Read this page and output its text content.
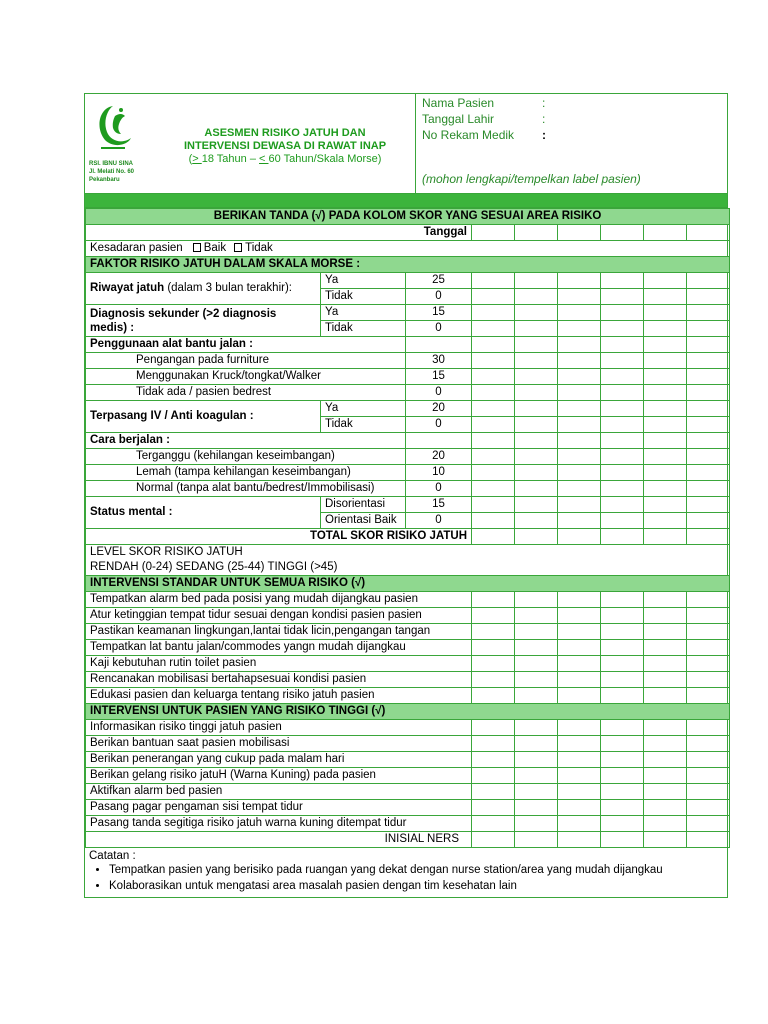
RSI. IBNU SINA
Jl. Melati No. 60
Pekanbaru
ASESMEN RISIKO JATUH DAN
INTERVENSI DEWASA DI RAWAT INAP
(> 18 Tahun – < 60 Tahun/Skala Morse)
Nama Pasien	:
Tanggal Lahir	:
No Rekam Medik :
(mohon lengkapi/tempelkan label pasien)
BERIKAN TANDA (√) PADA KOLOM SKOR YANG SESUAI AREA RISIKO								
Tanggal								
Kesadaran pasien Baik Tidak								
FAKTOR RISIKO JATUH DALAM SKALA MORSE :								
Riwayat jatuh (dalam 3 bulan terakhir):	Ya	25						
	Tidak	0						
Diagnosis sekunder (>2 diagnosis medis) :	Ya	15						
	Tidak	0						
Penggunaan alat bantu jalan :								
Pengangan pada furniture		30						
Menggunakan Kruck/tongkat/Walker		15						
Tidak ada / pasien bedrest		0						
Terpasang IV / Anti koagulan :	Ya	20						
	Tidak	0						
Cara berjalan :								
Terganggu (kehilangan keseimbangan)		20						
Lemah (tampa kehilangan keseimbangan)		10						
Normal (tanpa alat bantu/bedrest/Immobilisasi)		0						
Status mental :	Disorientasi	15						
	Orientasi Baik	0						
TOTAL SKOR RISIKO JATUH								

LEVEL SKOR RISIKO JATUH
RENDAH (0-24) SEDANG (25-44) TINGGI (>45)								

INTERVENSI STANDAR UNTUK SEMUA RISIKO (√)								
Tempatkan alarm bed pada posisi yang mudah dijangkau pasien								
Atur ketinggian tempat tidur sesuai dengan kondisi pasien pasien								
Pastikan keamanan lingkungan,lantai tidak licin,pengangan tangan								
Tempatkan lat bantu jalan/commodes yangn mudah dijangkau								
Kaji kebutuhan rutin toilet pasien								
Rencanakan mobilisasi bertahapsesuai kondisi pasien								
Edukasi pasien dan keluarga tentang risiko jatuh pasien								
INTERVENSI UNTUK PASIEN YANG RISIKO TINGGI (√)								
Informasikan risiko tinggi jatuh pasien								
Berikan bantuan saat pasien mobilisasi								
Berikan penerangan yang cukup pada malam hari								
Berikan gelang risiko jatuH (Warna Kuning) pada pasien								
Aktifkan alarm bed pasien								
Pasang pagar pengaman sisi tempat tidur								
Pasang tanda segitiga risiko jatuh warna kuning ditempat tidur								
INISIAL NERS								
Catatan :
• Tempatkan pasien yang berisiko pada ruangan yang dekat dengan nurse station/area yang mudah dijangkau
• Kolaborasikan untuk mengatasi area masalah pasien dengan tim kesehatan lain
